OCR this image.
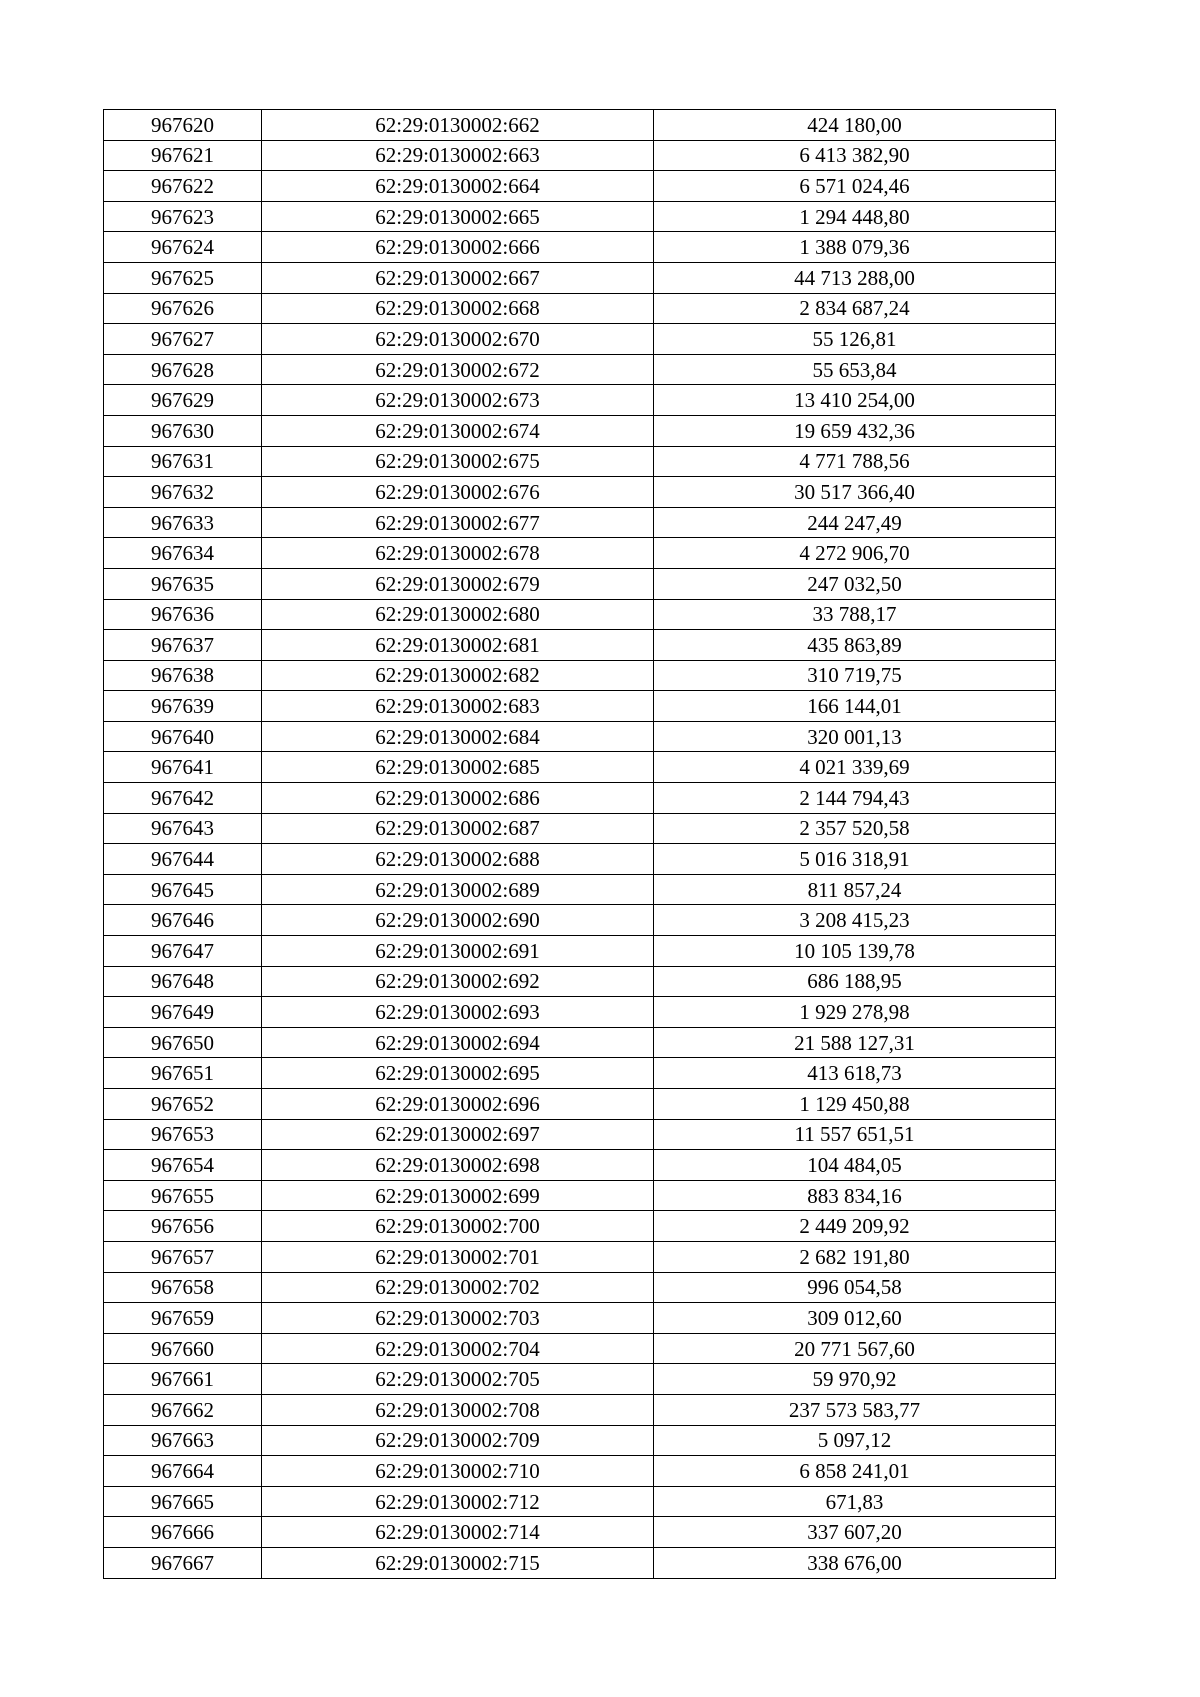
967620	62:29:0130002:662	424 180,00
967621	62:29:0130002:663	6 413 382,90
967622	62:29:0130002:664	6 571 024,46
967623	62:29:0130002:665	1 294 448,80
967624	62:29:0130002:666	1 388 079,36
967625	62:29:0130002:667	44 713 288,00
967626	62:29:0130002:668	2 834 687,24
967627	62:29:0130002:670	55 126,81
967628	62:29:0130002:672	55 653,84
967629	62:29:0130002:673	13 410 254,00
967630	62:29:0130002:674	19 659 432,36
967631	62:29:0130002:675	4 771 788,56
967632	62:29:0130002:676	30 517 366,40
967633	62:29:0130002:677	244 247,49
967634	62:29:0130002:678	4 272 906,70
967635	62:29:0130002:679	247 032,50
967636	62:29:0130002:680	33 788,17
967637	62:29:0130002:681	435 863,89
967638	62:29:0130002:682	310 719,75
967639	62:29:0130002:683	166 144,01
967640	62:29:0130002:684	320 001,13
967641	62:29:0130002:685	4 021 339,69
967642	62:29:0130002:686	2 144 794,43
967643	62:29:0130002:687	2 357 520,58
967644	62:29:0130002:688	5 016 318,91
967645	62:29:0130002:689	811 857,24
967646	62:29:0130002:690	3 208 415,23
967647	62:29:0130002:691	10 105 139,78
967648	62:29:0130002:692	686 188,95
967649	62:29:0130002:693	1 929 278,98
967650	62:29:0130002:694	21 588 127,31
967651	62:29:0130002:695	413 618,73
967652	62:29:0130002:696	1 129 450,88
967653	62:29:0130002:697	11 557 651,51
967654	62:29:0130002:698	104 484,05
967655	62:29:0130002:699	883 834,16
967656	62:29:0130002:700	2 449 209,92
967657	62:29:0130002:701	2 682 191,80
967658	62:29:0130002:702	996 054,58
967659	62:29:0130002:703	309 012,60
967660	62:29:0130002:704	20 771 567,60
967661	62:29:0130002:705	59 970,92
967662	62:29:0130002:708	237 573 583,77
967663	62:29:0130002:709	5 097,12
967664	62:29:0130002:710	6 858 241,01
967665	62:29:0130002:712	671,83
967666	62:29:0130002:714	337 607,20
967667	62:29:0130002:715	338 676,00
